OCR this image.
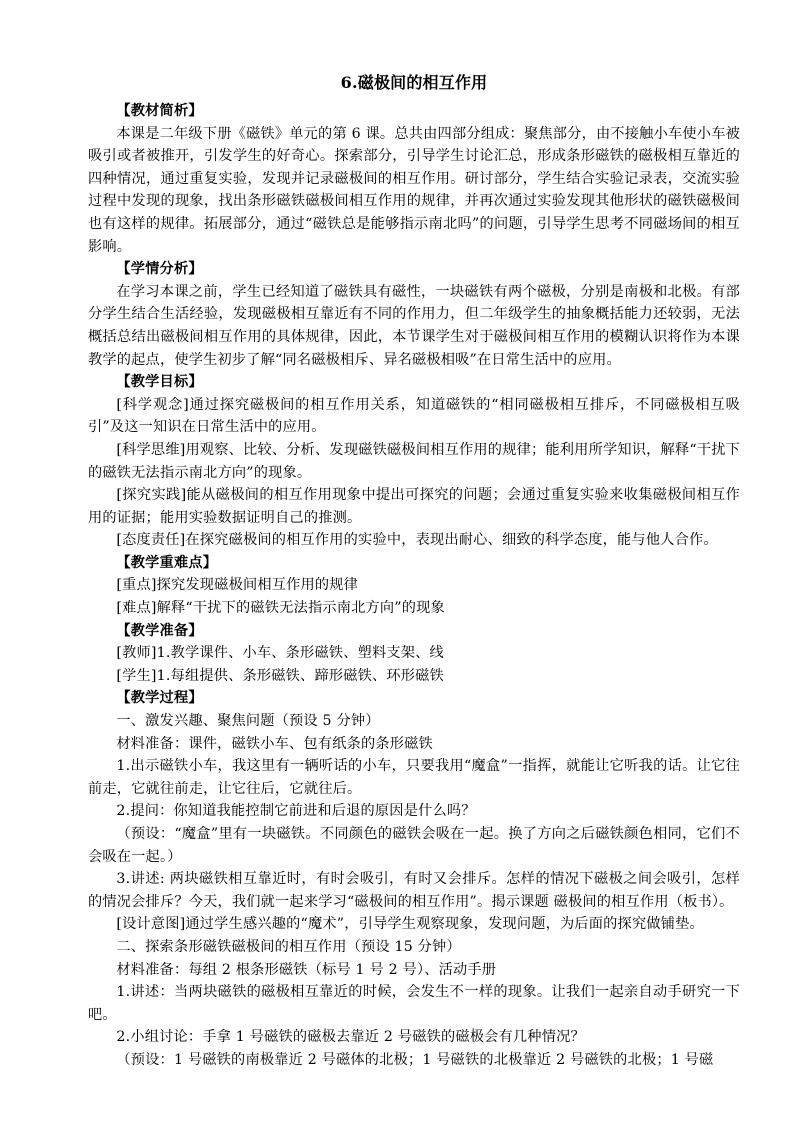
6.磁极间的相互作用
【教材简析】

本课是二年级下册《磁铁》单元的第 6 课。总共由四部分组成：聚焦部分，由不接触小车使小车被吸引或者被推开，引发学生的好奇心。探索部分，引导学生讨论汇总，形成条形磁铁的磁极相互靠近的四种情况，通过重复实验，发现并记录磁极间的相互作用。研讨部分，学生结合实验记录表，交流实验过程中发现的现象，找出条形磁铁磁极间相互作用的规律，并再次通过实验发现其他形状的磁铁磁极间也有这样的规律。拓展部分，通过“磁铁总是能够指示南北吗”的问题，引导学生思考不同磁场间的相互影响。

【学情分析】

在学习本课之前，学生已经知道了磁铁具有磁性，一块磁铁有两个磁极，分别是南极和北极。有部分学生结合生活经验，发现磁极相互靠近有不同的作用力，但二年级学生的抽象概括能力还较弱，无法概括总结出磁极间相互作用的具体规律，因此，本节课学生对于磁极间相互作用的模糊认识将作为本课教学的起点，使学生初步了解“同名磁极相斥、异名磁极相吸”在日常生活中的应用。

【教学目标】

[科学观念]通过探究磁极间的相互作用关系，知道磁铁的“相同磁极相互排斥，不同磁极相互吸引”及这一知识在日常生活中的应用。

[科学思维]用观察、比较、分析、发现磁铁磁极间相互作用的规律；能利用所学知识，解释“干扰下的磁铁无法指示南北方向”的现象。

[探究实践]能从磁极间的相互作用现象中提出可探究的问题；会通过重复实验来收集磁极间相互作用的证据；能用实验数据证明自己的推测。

[态度责任]在探究磁极间的相互作用的实验中，表现出耐心、细致的科学态度，能与他人合作。

【教学重难点】

[重点]探究发现磁极间相互作用的规律

[难点]解释“干扰下的磁铁无法指示南北方向”的现象

【教学准备】

[教师]1.教学课件、小车、条形磁铁、塑料支架、线

[学生]1.每组提供、条形磁铁、蹄形磁铁、环形磁铁

【教学过程】

一、激发兴趣、聚焦问题（预设 5 分钟）

材料准备：课件，磁铁小车、包有纸条的条形磁铁

1.出示磁铁小车，我这里有一辆听话的小车，只要我用“魔盒”一指挥，就能让它听我的话。让它往前走，它就往前走，让它往后，它就往后。

2.提问：你知道我能控制它前进和后退的原因是什么吗？

（预设：“魔盒”里有一块磁铁。不同颜色的磁铁会吸在一起。换了方向之后磁铁颜色相同，它们不会吸在一起。）

3.讲述: 两块磁铁相互靠近时，有时会吸引，有时又会排斥。怎样的情况下磁极之间会吸引，怎样的情况会排斥？今天，我们就一起来学习“磁极间的相互作用”。揭示课题 磁极间的相互作用（板书）。

[设计意图]通过学生感兴趣的“魔术”，引导学生观察现象，发现问题，为后面的探究做铺垫。

二、探索条形磁铁磁极间的相互作用（预设 15 分钟）

材料准备：每组 2 根条形磁铁（标号 1 号 2 号）、活动手册

1.讲述：当两块磁铁的磁极相互靠近的时候，会发生不一样的现象。让我们一起亲自动手研究一下吧。

2.小组讨论：手拿 1 号磁铁的磁极去靠近 2 号磁铁的磁极会有几种情况？

（预设：1 号磁铁的南极靠近 2 号磁体的北极；1 号磁铁的北极靠近 2 号磁铁的北极；1 号磁
